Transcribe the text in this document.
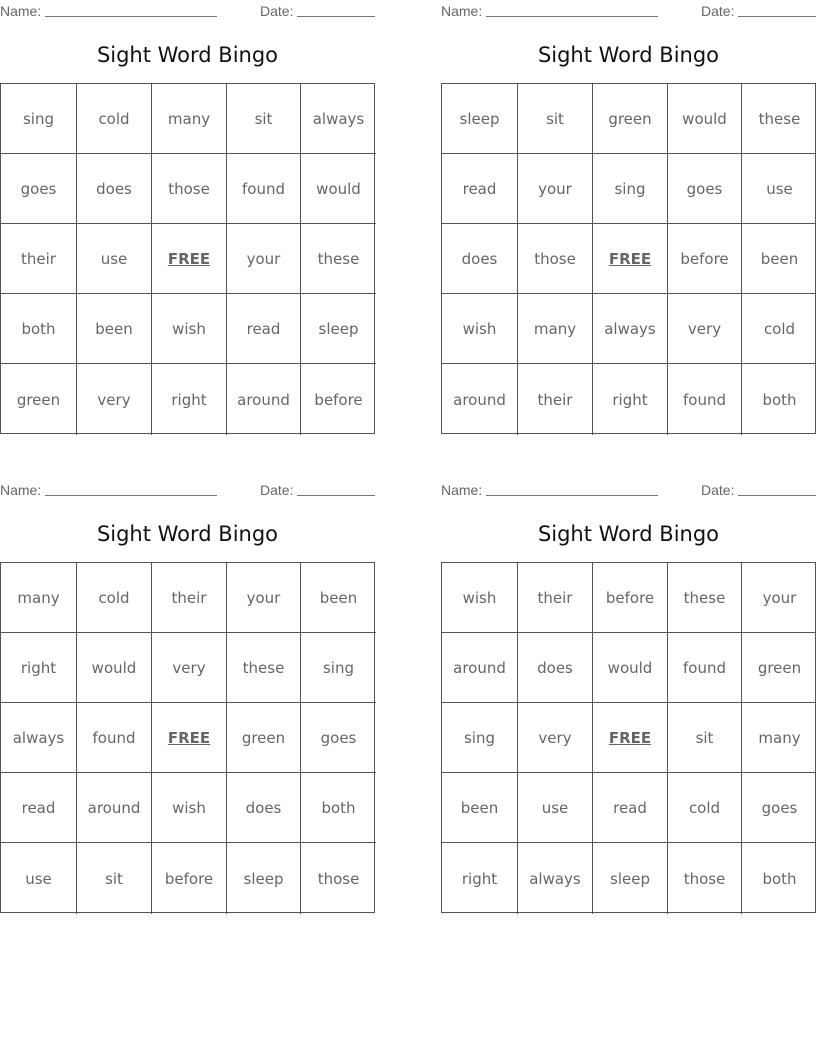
Name:	Date:
Sight Word Bingo
sing	cold	many	sit	always
goes	does	those	found	would
their	use	FREE	your	these
both	been	wish	read	sleep
green	very	right	around	before
Name:	Date:
Sight Word Bingo
sleep	sit	green	would	these
read	your	sing	goes	use
does	those	FREE	before	been
wish	many	always	very	cold
around	their	right	found	both
Name:	Date:
Sight Word Bingo
many	cold	their	your	been
right	would	very	these	sing
always	found	FREE	green	goes
read	around	wish	does	both
use	sit	before	sleep	those
Name:	Date:
Sight Word Bingo
wish	their	before	these	your
around	does	would	found	green
sing	very	FREE	sit	many
been	use	read	cold	goes
right	always	sleep	those	both
